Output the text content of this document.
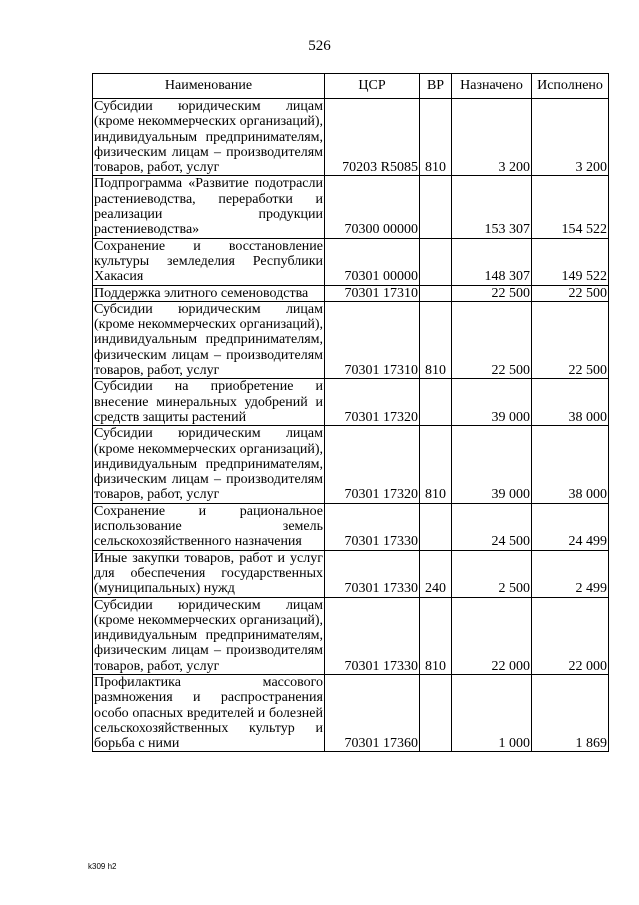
526
Наименование	ЦСР	ВР	Назначено	Исполнено
Субсидии юридическим лицам (кроме некоммерческих организаций), индивидуальным предпринимателям, физическим лицам – производителям товаров, работ, услуг	70203 R5085	810	3 200	3 200
Подпрограмма «Развитие подотрасли растениеводства, переработки и реализации продукции растениеводства»	70300 00000		153 307	154 522
Сохранение и восстановление культуры земледелия Республики Хакасия	70301 00000		148 307	149 522
Поддержка элитного семеноводства	70301 17310		22 500	22 500
Субсидии юридическим лицам (кроме некоммерческих организаций), индивидуальным предпринимателям, физическим лицам – производителям товаров, работ, услуг	70301 17310	810	22 500	22 500
Субсидии на приобретение и внесение минеральных удобрений и средств защиты растений	70301 17320		39 000	38 000
Субсидии юридическим лицам (кроме некоммерческих организаций), индивидуальным предпринимателям, физическим лицам – производителям товаров, работ, услуг	70301 17320	810	39 000	38 000
Сохранение и рациональное использование земель сельскохозяйственного назначения	70301 17330		24 500	24 499
Иные закупки товаров, работ и услуг для обеспечения государственных (муниципальных) нужд	70301 17330	240	2 500	2 499
Субсидии юридическим лицам (кроме некоммерческих организаций), индивидуальным предпринимателям, физическим лицам – производителям товаров, работ, услуг	70301 17330	810	22 000	22 000
Профилактика массового размножения и распространения особо опасных вредителей и болезней сельскохозяйственных культур и борьба с ними	70301 17360		1 000	1 869
k309 h2
